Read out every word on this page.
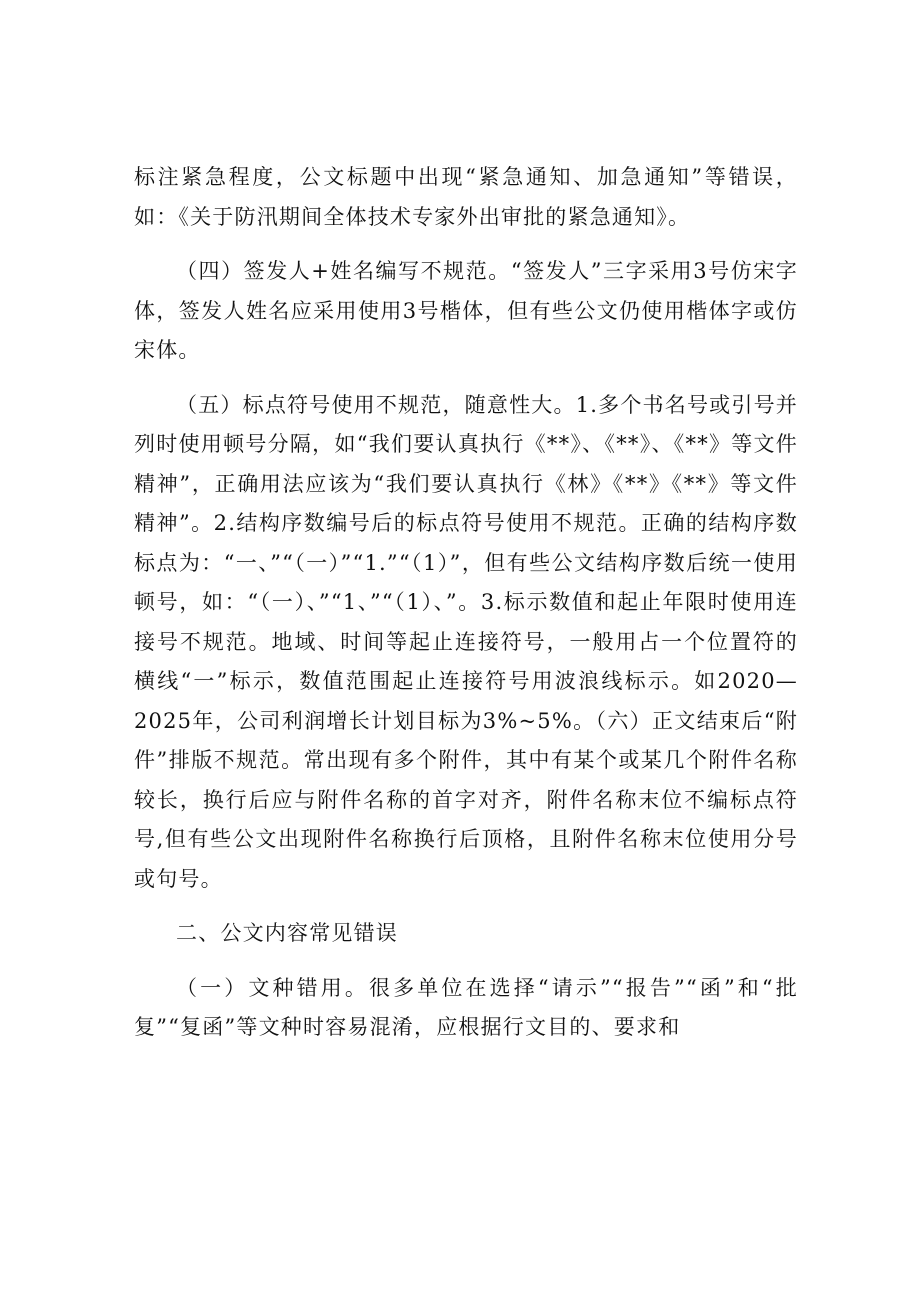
标注紧急程度，公文标题中出现“紧急通知、加急通知”等错误，如：《关于防汛期间全体技术专家外出审批的紧急通知》。

（四）签发人+姓名编写不规范。“签发人”三字采用3号仿宋字体，签发人姓名应采用使用3号楷体，但有些公文仍使用楷体字或仿宋体。

（五）标点符号使用不规范，随意性大。1.多个书名号或引号并列时使用顿号分隔，如“我们要认真执行《**》、《**》、《**》等文件精神”，正确用法应该为“我们要认真执行《林》《**》《**》等文件精神”。2.结构序数编号后的标点符号使用不规范。正确的结构序数标点为：“一、”“（一）”“1.”“（1）”，但有些公文结构序数后统一使用顿号，如：“（一）、”“1、”“（1）、”。3.标示数值和起止年限时使用连接号不规范。地域、时间等起止连接符号，一般用占一个位置符的横线“一”标示，数值范围起止连接符号用波浪线标示。如2020—2025年，公司利润增长计划目标为3%~5%。（六）正文结束后“附件”排版不规范。常出现有多个附件，其中有某个或某几个附件名称较长，换行后应与附件名称的首字对齐，附件名称末位不编标点符号,但有些公文出现附件名称换行后顶格，且附件名称末位使用分号或句号。

二、公文内容常见错误

（一）文种错用。很多单位在选择“请示”“报告”“函”和“批复”“复函”等文种时容易混淆，应根据行文目的、要求和
